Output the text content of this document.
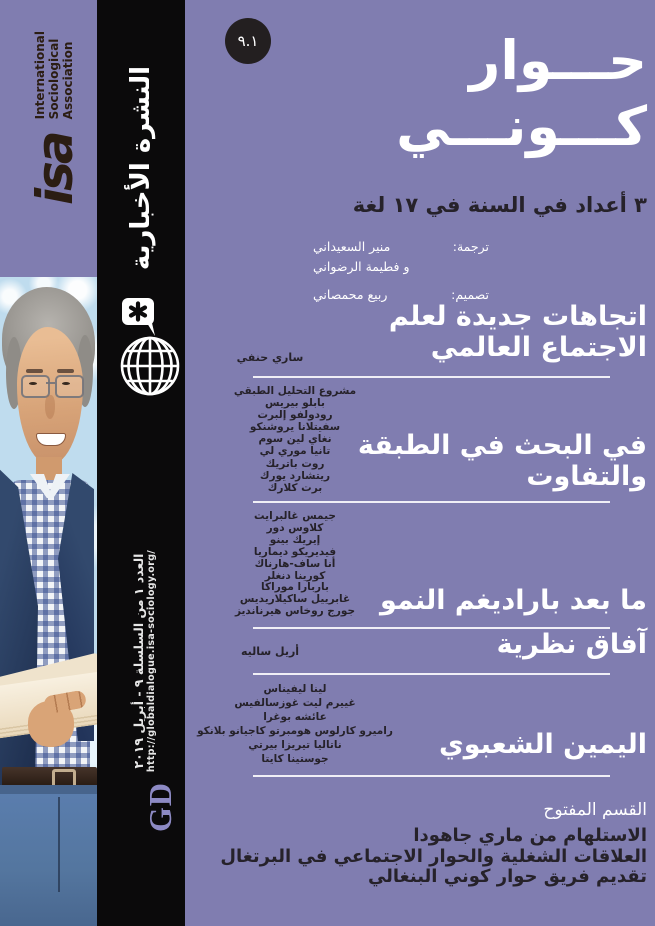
isa
International Sociological Association النشرة الأخبارية
العدد ١ من السلسلة ٩ - أبريل ٢٠١٩ http://globaldialogue.isa-sociology.org/
GD
٩.١	حـــوار
كـــونـــي
٣ أعداد في السنة في ١٧ لغة
ترجمة:
منير السعيداني
و فطيمة الرضواني
تصميم:
ربيع محمصاني
اتجاهات جديدة لعلم
الاجتماع العالمي
ساري حنفي
مشروع التحليل الطبقي
بابلو بيريس
رودولفو إلبرت
سفيتلانا يروشنكو
نغاي لين سوم
تانيا موري لي
روت باتريك
ريتشارد يورك
برت كلارك
في البحث في الطبقة
والتفاوت
جيمس غالبرايت
كلاوس دور
إيريك بينو
فيديريكو ديماريا
أنا ساف-هارناك
كورينا دنغلر
باربارا موراكا
غابرييل ساكيلاريديس
جورج روخاس هيرنانديز ما بعد باراديغم النمو
آفاق نظرية
أريل ساليه
لينا ليفيناس
غييرم ليت غوزسالفيس
عائشه بوغرا
راميرو كارلوس هومبرتو كاجيانو بلانكو
ناتاليا تيريزا بيرتي
جوستينا كايتا	اليمين الشعبوي
القسم المفتوح
الاستلهام من ماري جاهودا
العلاقات الشغلية والحوار الاجتماعي في البرتغال
تقديم فريق حوار كوني البنغالي
